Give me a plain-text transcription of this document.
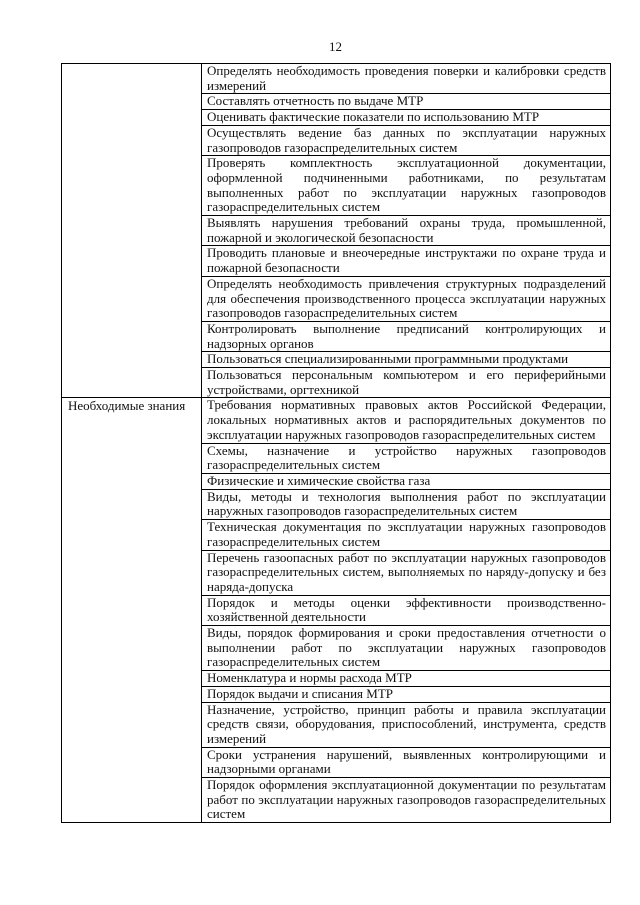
12

	Определять необходимость проведения поверки и калибровки средств
измерений

	Составлять отчетность по выдаче МТР

	Оценивать фактические показатели по использованию МТР

	Осуществлять ведение баз данных по эксплуатации наружных
газопроводов газораспределительных систем

	Проверять комплектность эксплуатационной документации,
оформленной подчиненными работниками, по результатам
выполненных работ по эксплуатации наружных газопроводов
газораспределительных систем

	Выявлять нарушения требований охраны труда, промышленной,
пожарной и экологической безопасности

	Проводить плановые и внеочередные инструктажи по охране труда и
пожарной безопасности

	Определять необходимость привлечения структурных подразделений
для обеспечения производственного процесса эксплуатации наружных
газопроводов газораспределительных систем

	Контролировать выполнение предписаний контролирующих и
надзорных органов

	Пользоваться специализированными программными продуктами

	Пользоваться персональным компьютером и его периферийными
устройствами, оргтехникой

Необходимые знания	Требования нормативных правовых актов Российской Федерации,
локальных нормативных актов и распорядительных документов по
эксплуатации наружных газопроводов газораспределительных систем

	Схемы, назначение и устройство наружных газопроводов
газораспределительных систем

	Физические и химические свойства газа

	Виды, методы и технология выполнения работ по эксплуатации
наружных газопроводов газораспределительных систем

	Техническая документация по эксплуатации наружных газопроводов
газораспределительных систем

	Перечень газоопасных работ по эксплуатации наружных газопроводов
газораспределительных систем, выполняемых по наряду-допуску и без
наряда-допуска

	Порядок и методы оценки эффективности производственно-
хозяйственной деятельности

	Виды, порядок формирования и сроки предоставления отчетности о
выполнении работ по эксплуатации наружных газопроводов
газораспределительных систем

	Номенклатура и нормы расхода МТР

	Порядок выдачи и списания МТР

	Назначение, устройство, принцип работы и правила эксплуатации
средств связи, оборудования, приспособлений, инструмента, средств
измерений

	Сроки устранения нарушений, выявленных контролирующими и
надзорными органами

	Порядок оформления эксплуатационной документации по результатам
работ по эксплуатации наружных газопроводов газораспределительных
систем
